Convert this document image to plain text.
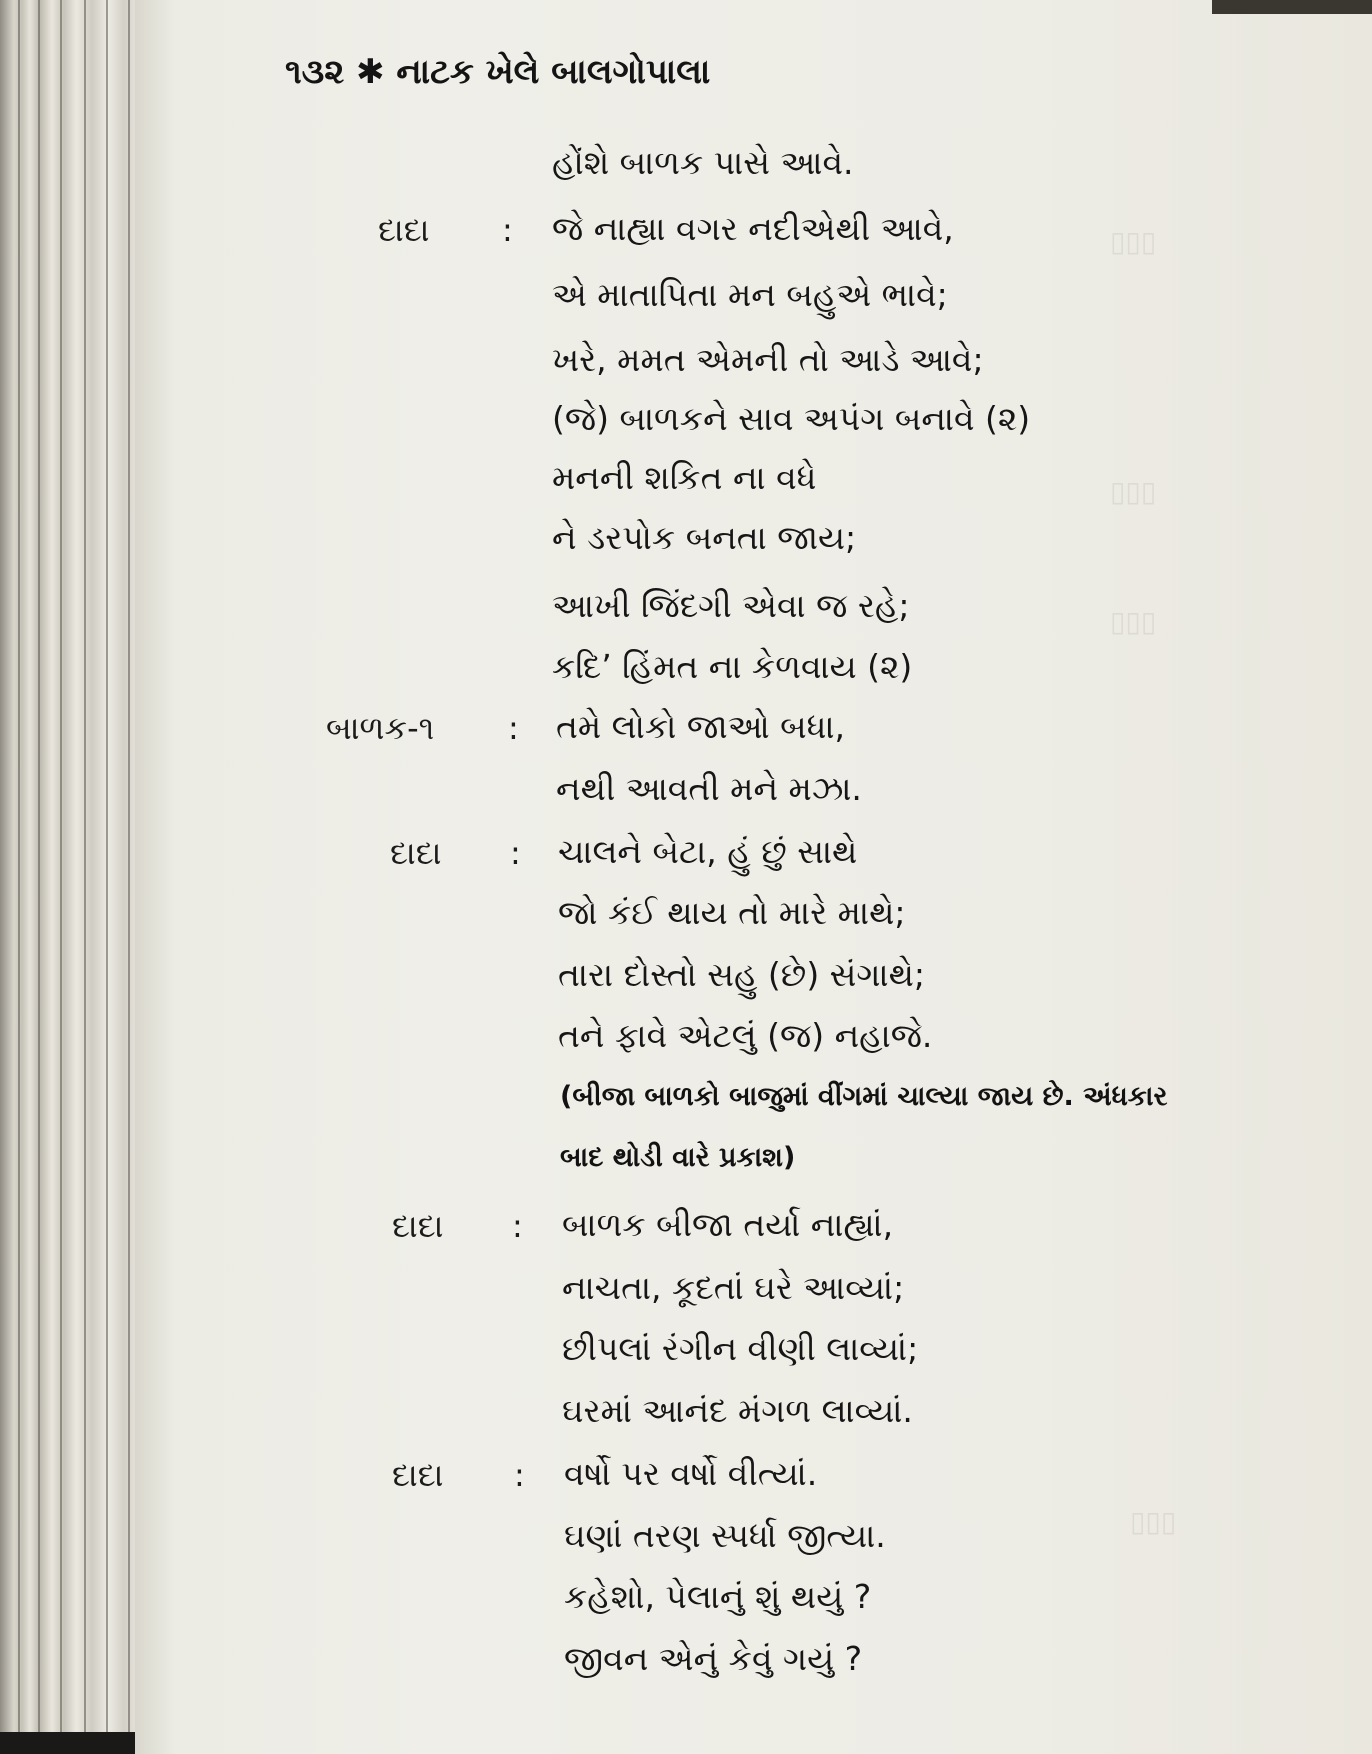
▯▯▯
▯▯▯
▯▯▯
▯▯▯
૧૩૨ ✱ નાટક ખેલે બાલગોપાલા
હોંશે બાળક પાસે આવે.
દાદા : જે નાહ્યા વગર નદીએથી આવે,
એ માતાપિતા મન બહુએ ભાવે;
ખરે, મમત એમની તો આડે આવે;
(જે) બાળકને સાવ અપંગ બનાવે (૨)
મનની શકિત ના વધે
ને ડરપોક બનતા જાય;
આખી જિંદગી એવા જ રહે;
કદિ’ હિંમત ના કેળવાય (૨)
બાળક-૧ : તમે લોકો જાઓ બધા,
નથી આવતી મને મઝા.
દાદા : ચાલને બેટા, હું છું સાથે
જો કંઈ થાય તો મારે માથે;
તારા દોસ્તો સહુ (છે) સંગાથે;
તને ફાવે એટલું (જ) નહાજે.
(બીજા બાળકો બાજુમાં વીંગમાં ચાલ્યા જાય છે. અંધકાર
બાદ થોડી વારે પ્રકાશ)
દાદા : બાળક બીજા તર્યા નાહ્યાં,
નાચતા, કૂદતાં ઘરે આવ્યાં;
છીપલાં રંગીન વીણી લાવ્યાં;
ઘરમાં આનંદ મંગળ લાવ્યાં.
દાદા : વર્ષો પર વર્ષો વીત્યાં.
ઘણાં તરણ સ્પર્ધા જીત્યા.
કહેશો, પેલાનું શું થયું ?
જીવન એનું કેવું ગયું ?
